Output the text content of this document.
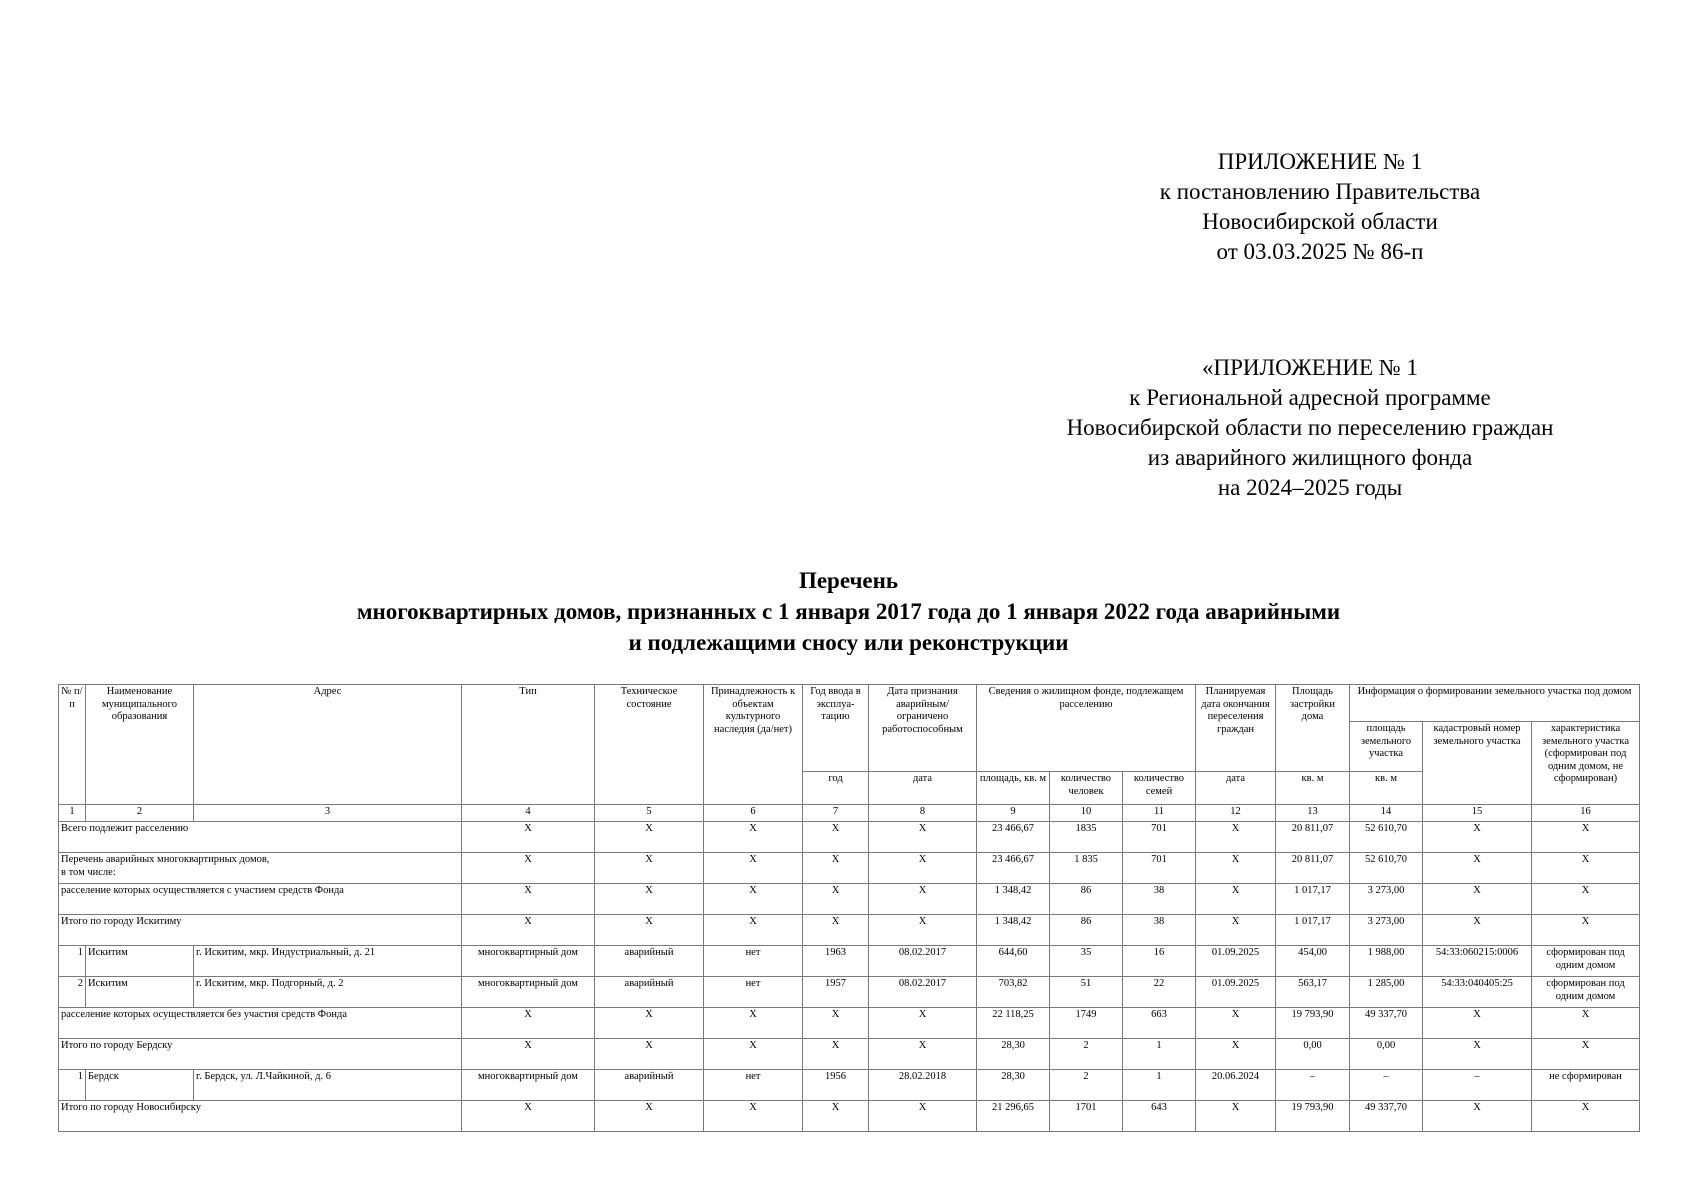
ПРИЛОЖЕНИЕ № 1
к постановлению Правительства
Новосибирской области
от 03.03.2025 № 86-п
«ПРИЛОЖЕНИЕ № 1
к Региональной адресной программе
Новосибирской области по переселению граждан
из аварийного жилищного фонда
на 2024–2025 годы
Перечень
многоквартирных домов, признанных с 1 января 2017 года до 1 января 2022 года аварийными
и подлежащими сносу или реконструкции
№ п/п	Наименование муниципального образования	Адрес	Тип	Техническое состояние	Принадлежность к объектам культурного наследия (да/нет)	Год ввода в эксплуа-тацию	Дата признания аварийным/ ограничено работоспособным	Сведения о жилищном фонде, подлежащем расселению			Планируемая дата окончания переселения граждан	Площадь застройки дома	Информация о формировании земельного участка под домом		
													площадь земельного участка	кадастровый номер земельного участка	характеристика земельного участка (сформирован под одним домом, не сформирован)
						год	дата	площадь, кв. м	количество человек	количество семей	дата	кв. м	кв. м		
1	2	3	4	5	6	7	8	9	10	11	12	13	14	15	16
Всего подлежит расселению			Х	Х	Х	Х	Х	23 466,67	1835	701	Х	20 811,07	52 610,70	Х	Х
Перечень аварийных многоквартирных домов,
в том числе:			Х	Х	Х	Х	Х	23 466,67	1 835	701	Х	20 811,07	52 610,70	Х	Х
расселение которых осуществляется с участием средств Фонда			Х	Х	Х	Х	Х	1 348,42	86	38	Х	1 017,17	3 273,00	Х	Х
Итого по городу Искитиму			Х	Х	Х	Х	Х	1 348,42	86	38	Х	1 017,17	3 273,00	Х	Х
1	Искитим	г. Искитим, мкр. Индустриальный, д. 21	многоквартирный дом	аварийный	нет	1963	08.02.2017	644,60	35	16	01.09.2025	454,00	1 988,00	54:33:060215:0006	сформирован под одним домом
2	Искитим	г. Искитим, мкр. Подгорный, д. 2	многоквартирный дом	аварийный	нет	1957	08.02.2017	703,82	51	22	01.09.2025	563,17	1 285,00	54:33:040405:25	сформирован под одним домом
расселение которых осуществляется без участия средств Фонда			Х	Х	Х	Х	Х	22 118,25	1749	663	Х	19 793,90	49 337,70	Х	Х
Итого по городу Бердску			Х	Х	Х	Х	Х	28,30	2	1	Х	0,00	0,00	Х	Х
1	Бердск	г. Бердск, ул. Л.Чайкиной, д. 6	многоквартирный дом	аварийный	нет	1956	28.02.2018	28,30	2	1	20.06.2024	–	–	–	не сформирован
Итого по городу Новосибирску			Х	Х	Х	Х	Х	21 296,65	1701	643	Х	19 793,90	49 337,70	Х	Х
